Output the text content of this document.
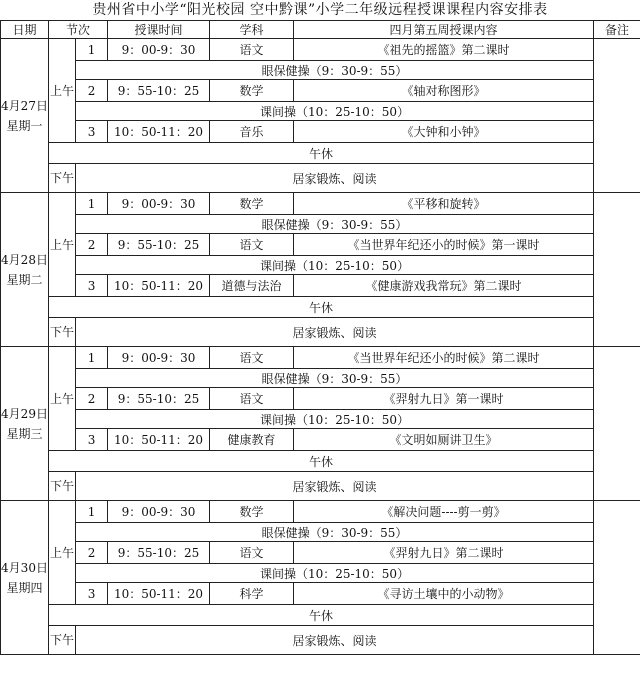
贵州省中小学“阳光校园 空中黔课”小学二年级远程授课课程内容安排表
日期	节次		授课时间	学科	四月第五周授课内容	备注
4月27日
星期一	上午	1	9：00-9：30	语文	《祖先的摇篮》第二课时	
		眼保健操（9：30-9：55）				
		2	9：55-10：25	数学	《轴对称图形》	
		课间操（10：25-10：50）				
		3	10：50-11：20	音乐	《大钟和小钟》	
	午休					
	下午	居家锻炼、阅读				
4月28日
星期二	上午	1	9：00-9：30	数学	《平移和旋转》	
		眼保健操（9：30-9：55）				
		2	9：55-10：25	语文	《当世界年纪还小的时候》第一课时	
		课间操（10：25-10：50）				
		3	10：50-11：20	道德与法治	《健康游戏我常玩》第二课时	
	午休					
	下午	居家锻炼、阅读				
4月29日
星期三	上午	1	9：00-9：30	语文	《当世界年纪还小的时候》第二课时	
		眼保健操（9：30-9：55）				
		2	9：55-10：25	语文	《羿射九日》第一课时	
		课间操（10：25-10：50）				
		3	10：50-11：20	健康教育	《文明如厕讲卫生》	
	午休					
	下午	居家锻炼、阅读				
4月30日
星期四	上午	1	9：00-9：30	数学	《解决问题----剪一剪》	
		眼保健操（9：30-9：55）				
		2	9：55-10：25	语文	《羿射九日》第二课时	
		课间操（10：25-10：50）				
		3	10：50-11：20	科学	《寻访土壤中的小动物》	
	午休					
	下午	居家锻炼、阅读				
